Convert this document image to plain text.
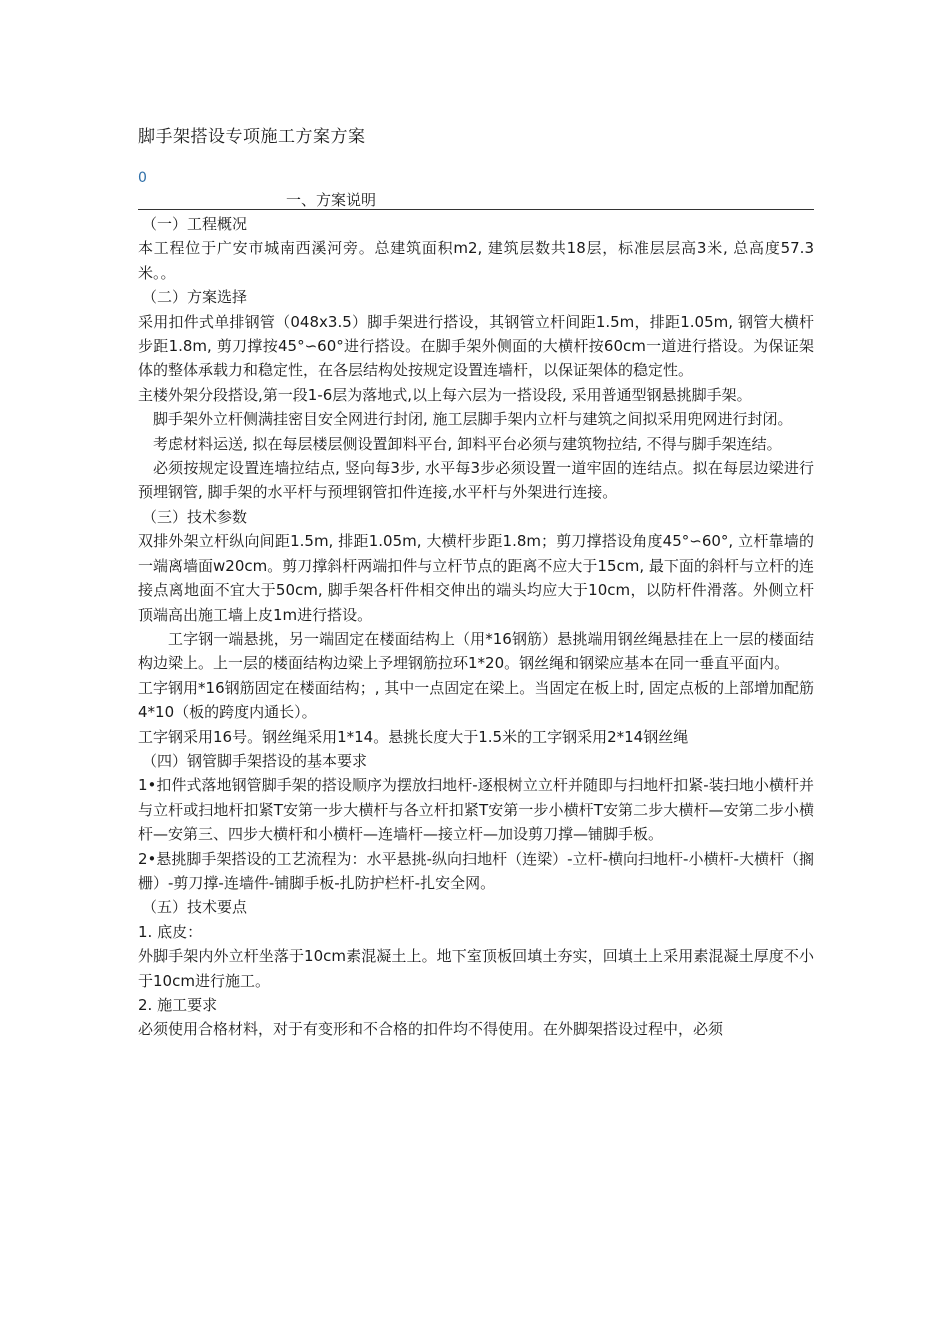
脚手架搭设专项施工方案方案
0
一、方案说明

（一）工程概况

本工程位于广安市城南西溪河旁。总建筑面积m2, 建筑层数共18层，标准层层高3米, 总高度57.3米。。

（二）方案选择

采用扣件式单排钢管（048x3.5）脚手架进行搭设，其钢管立杆间距1.5m，排距1.05m, 钢管大横杆步距1.8m, 剪刀撑按45°∽60°进行搭设。在脚手架外侧面的大横杆按60cm一道进行搭设。为保证架体的整体承载力和稳定性，在各层结构处按规定设置连墙杆，以保证架体的稳定性。

主楼外架分段搭设,第一段1-6层为落地式,以上每六层为一搭设段, 采用普通型钢悬挑脚手架。

脚手架外立杆侧满挂密目安全网进行封闭, 施工层脚手架内立杆与建筑之间拟采用兜网进行封闭。

考虑材料运送, 拟在每层楼层侧设置卸料平台, 卸料平台必须与建筑物拉结, 不得与脚手架连结。

必须按规定设置连墙拉结点, 竖向每3步, 水平每3步必须设置一道牢固的连结点。拟在每层边梁进行预埋钢管, 脚手架的水平杆与预埋钢管扣件连接,水平杆与外架进行连接。

（三）技术参数

双排外架立杆纵向间距1.5m, 排距1.05m, 大横杆步距1.8m；剪刀撑搭设角度45°∽60°, 立杆靠墙的一端离墙面w20cm。剪刀撑斜杆两端扣件与立杆节点的距离不应大于15cm, 最下面的斜杆与立杆的连接点离地面不宜大于50cm, 脚手架各杆件相交伸出的端头均应大于10cm，以防杆件滑落。外侧立杆顶端高出施工墙上皮1m进行搭设。

工字钢一端悬挑，另一端固定在楼面结构上（用*16钢筋）悬挑端用钢丝绳悬挂在上一层的楼面结构边梁上。上一层的楼面结构边梁上予埋钢筋拉环1*20。钢丝绳和钢梁应基本在同一垂直平面内。

工字钢用*16钢筋固定在楼面结构；, 其中一点固定在梁上。当固定在板上时, 固定点板的上部增加配筋4*10（板的跨度内通长）。

工字钢采用16号。钢丝绳采用1*14。悬挑长度大于1.5米的工字钢采用2*14钢丝绳

（四）钢管脚手架搭设的基本要求

1•扣件式落地钢管脚手架的搭设顺序为摆放扫地杆-逐根树立立杆并随即与扫地杆扣紧-装扫地小横杆并与立杆或扫地杆扣紧T安第一步大横杆与各立杆扣紧T安第一步小横杆T安第二步大横杆—安第二步小横杆—安第三、四步大横杆和小横杆—连墙杆—接立杆—加设剪刀撑—铺脚手板。

2•悬挑脚手架搭设的工艺流程为：水平悬挑-纵向扫地杆（连梁）-立杆-横向扫地杆-小横杆-大横杆（搁栅）-剪刀撑-连墙件-铺脚手板-扎防护栏杆-扎安全网。

（五）技术要点

1. 底皮：

外脚手架内外立杆坐落于10cm素混凝土上。地下室顶板回填土夯实，回填土上采用素混凝土厚度不小于10cm进行施工。

2. 施工要求

必须使用合格材料，对于有变形和不合格的扣件均不得使用。在外脚架搭设过程中，必须
